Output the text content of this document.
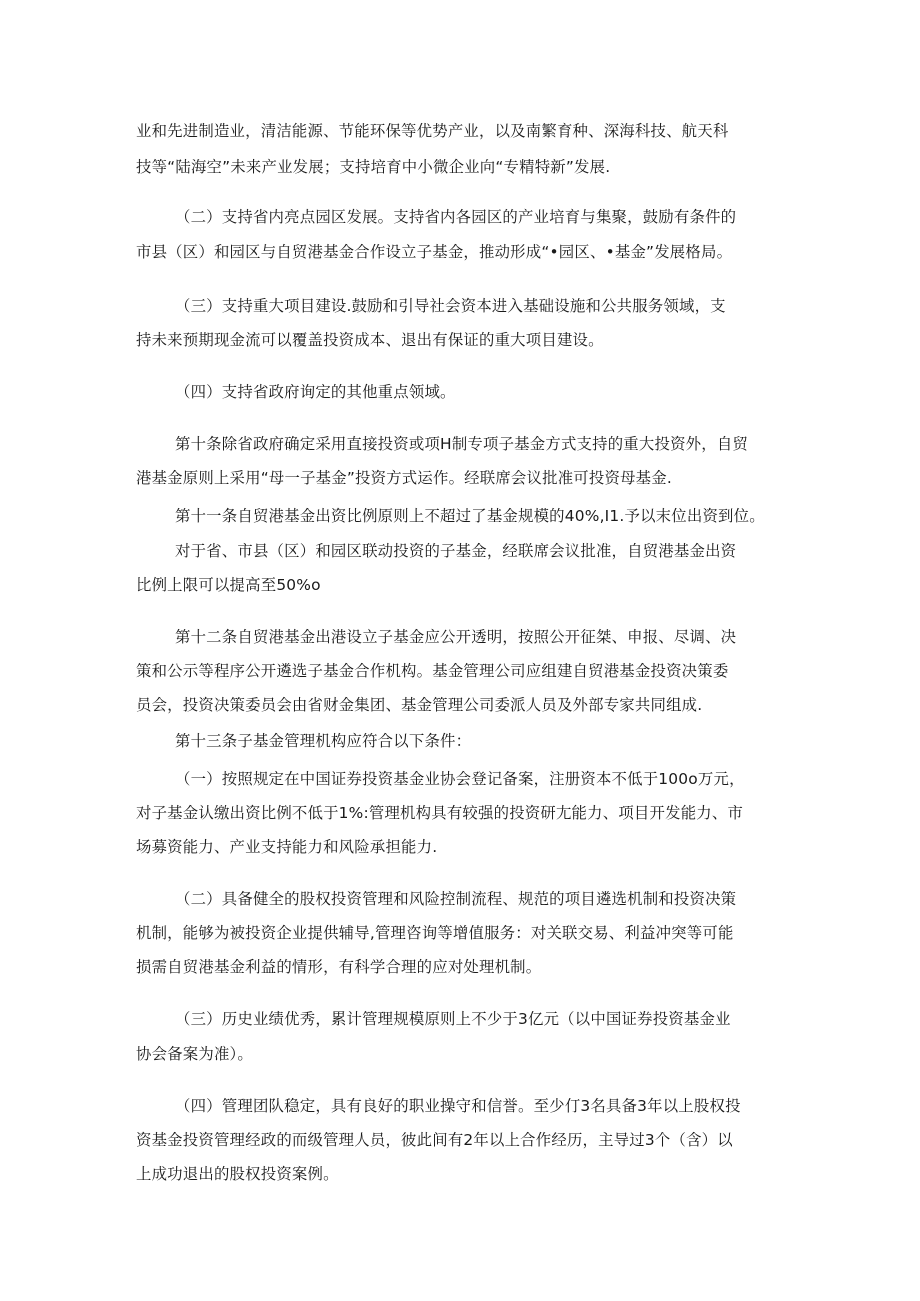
业和先进制造业，清洁能源、节能环保等优势产业，以及南繁育种、深海科技、航天科
技等“陆海空”未来产业发展；支持培育中小微企业向“专精特新”发展.
（二）支持省内亮点园区发展。支持省内各园区的产业培育与集聚，鼓励有条件的
市县（区）和园区与自贸港基金合作设立子基金，推动形成“•园区、•基金”发展格局。
（三）支持重大项目建设.鼓励和引导社会资本进入基础设施和公共服务领域，支
持未来预期现金流可以覆盖投资成本、退出有保证的重大项目建设。
（四）支持省政府询定的其他重点领域。
第十条除省政府确定采用直接投资或项H制专项子基金方式支持的重大投资外，自贸
港基金原则上采用“母一子基金”投资方式运作。经联席会议批准可投资母基金.
第十一条自贸港基金出资比例原则上不超过了基金规模的40%,I1.予以末位出资到位。
对于省、市县（区）和园区联动投资的子基金，经联席会议批准，自贸港基金出资
比例上限可以提高至50%o
第十二条自贸港基金出港设立子基金应公开透明，按照公开征桀、申报、尽调、决
策和公示等程序公开遴选子基金合作机构。基金管理公司应组建自贸港基金投资决策委
员会，投资决策委员会由省财金集团、基金管理公司委派人员及外部专家共同组成.
第十三条子基金管理机构应符合以下条件：
（一）按照规定在中国证券投资基金业协会登记备案，注册资本不低于100o万元，
对子基金认缴出资比例不低于1%:管理机构具有较强的投资研尢能力、项目开发能力、市
场募资能力、产业支持能力和风险承担能力.
（二）具备健全的股权投资管理和风险控制流程、规范的项目遴选机制和投资决策
机制，能够为被投资企业提供辅导,管理咨询等增值服务：对关联交易、利益冲突等可能
损需自贸港基金利益的情形，有科学合理的应对处理机制。
（三）历史业绩优秀，累计管理规模原则上不少于3亿元（以中国证券投资基金业
协会备案为准）。
（四）管理团队稳定，具有良好的职业操守和信誉。至少仃3名具备3年以上股权投
资基金投资管理经政的而级管理人员，彼此间有2年以上合作经历，主导过3个（含）以
上成功退出的股权投资案例。
